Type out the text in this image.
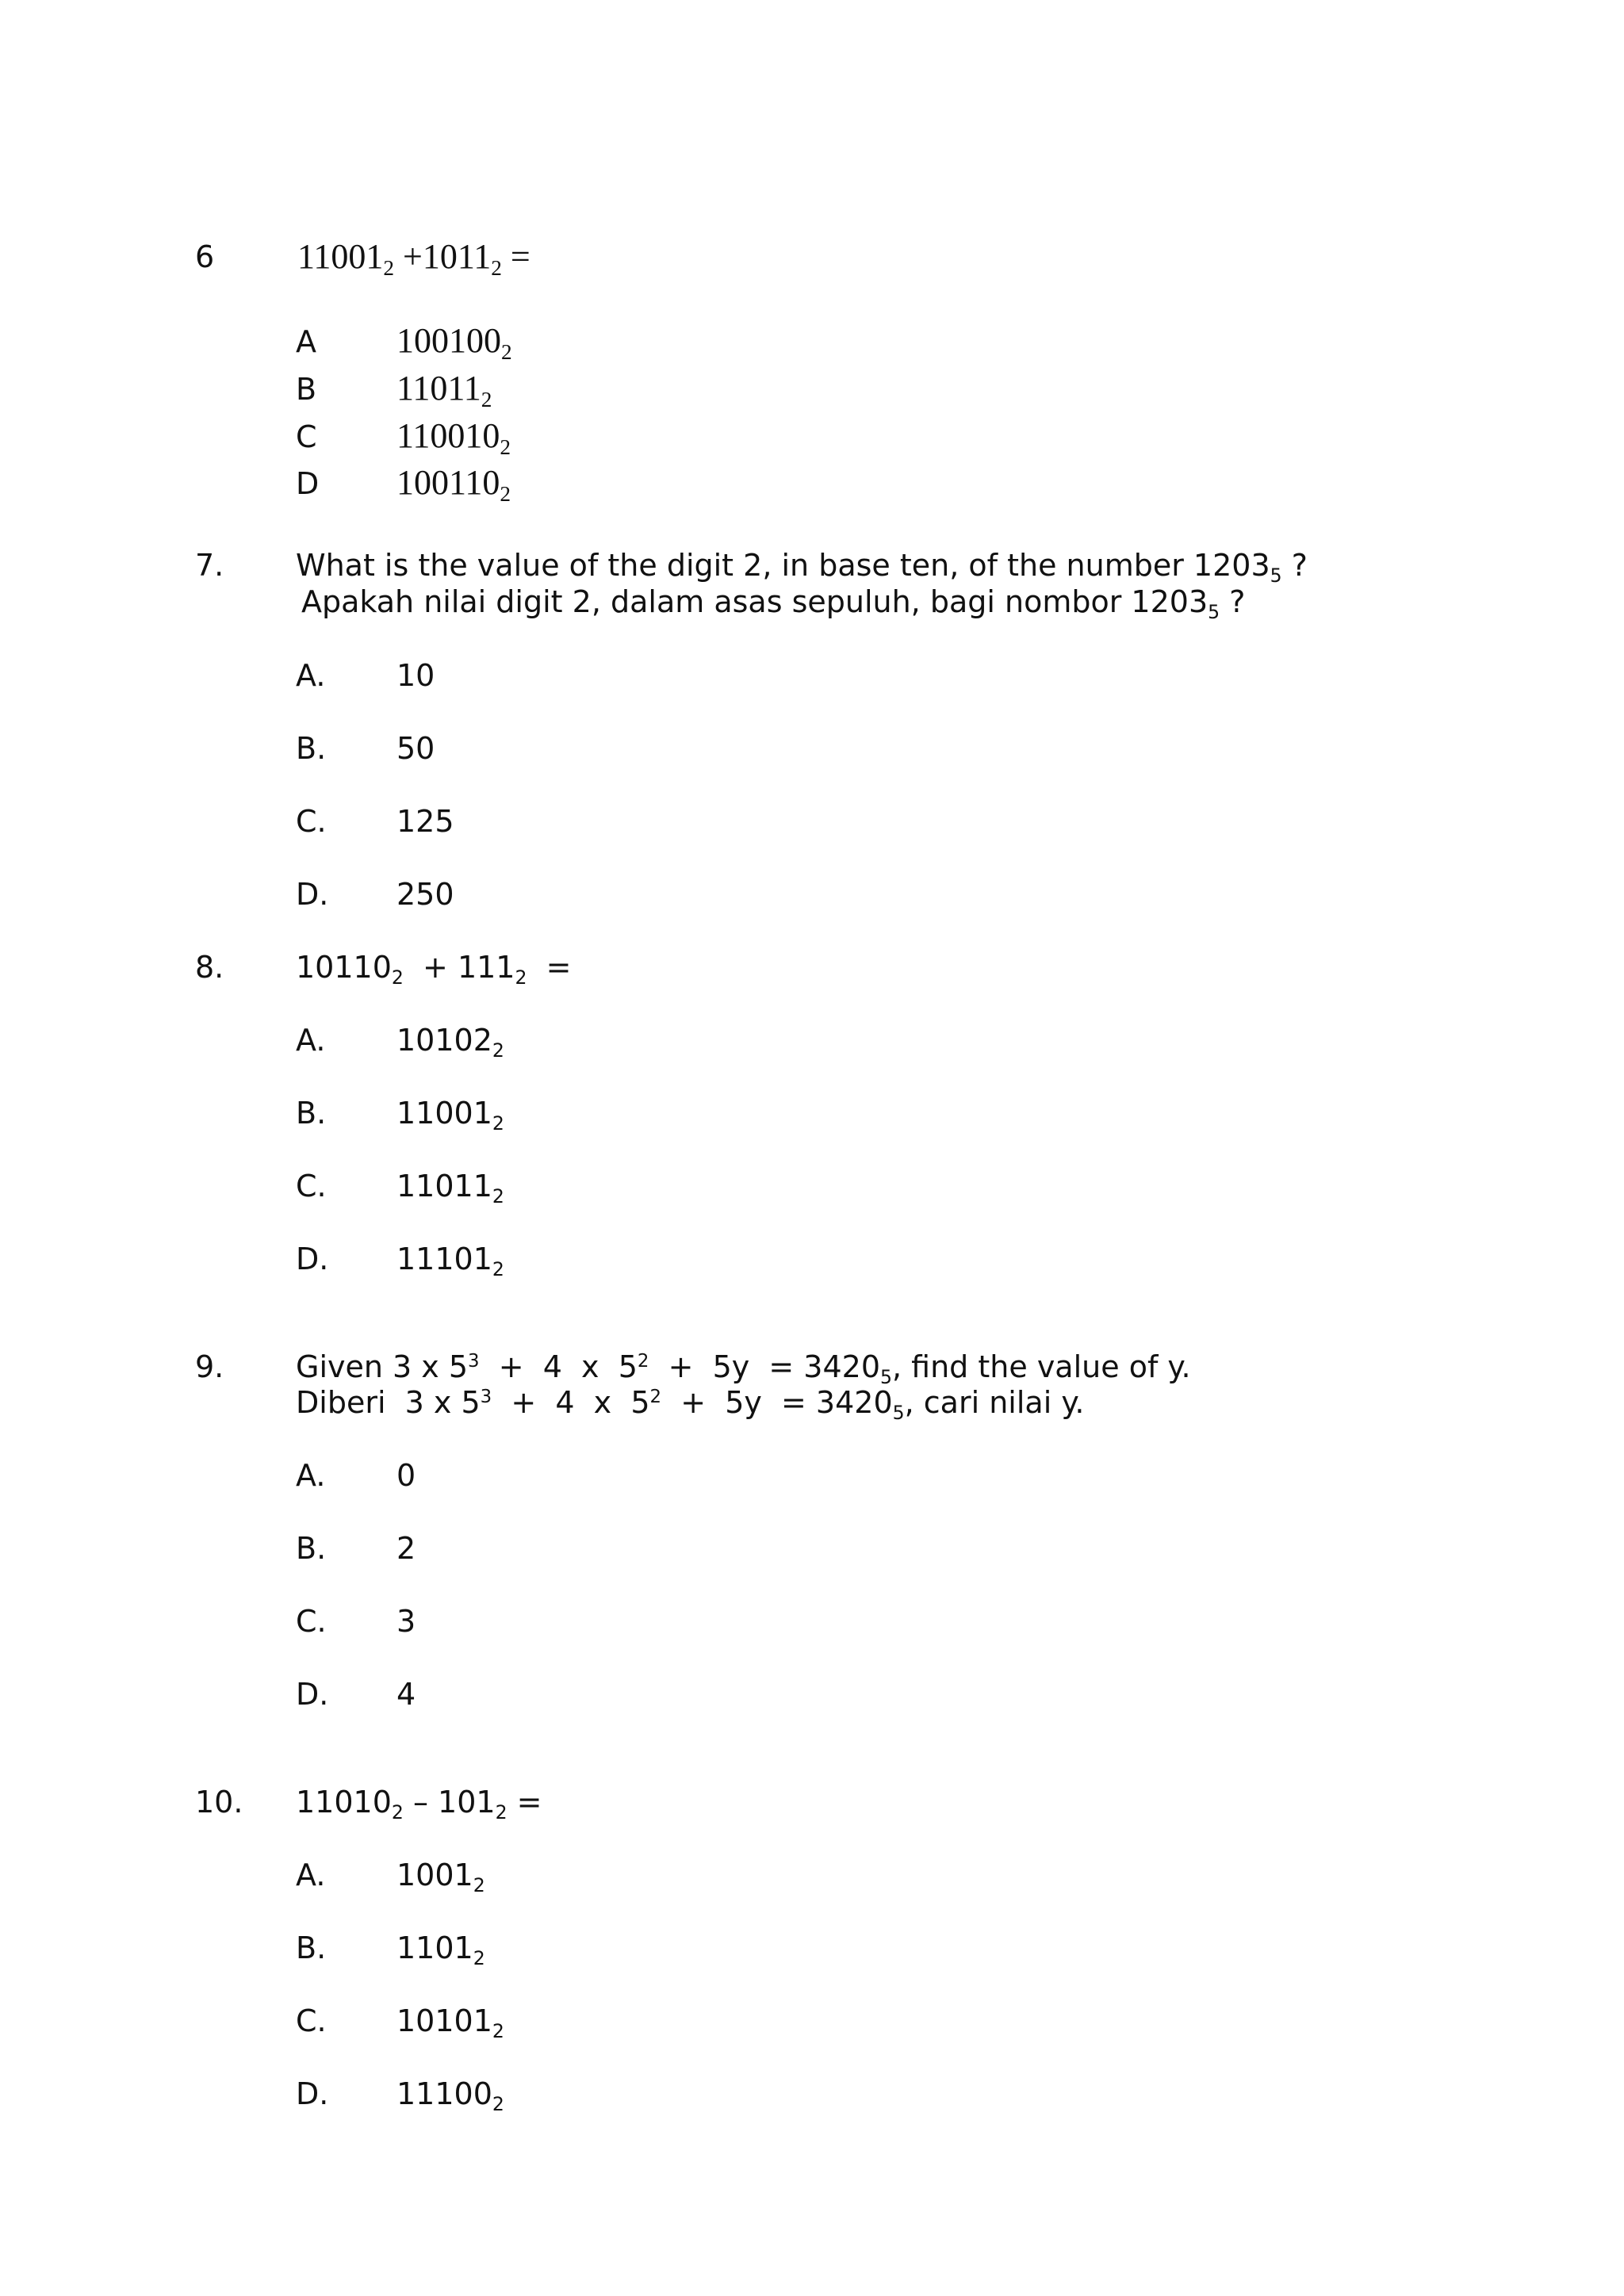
6 $11001_2 +1011_2$ =
A $100100_2$
B $11011_2$
C $110010_2$
D $100110_2$
7. What is the value of the digit 2, in base ten, of the number $1203_5$ ?
Apakah nilai digit 2, dalam asas sepuluh, bagi nombor $1203_5$ ?
A. 10
B. 50
C. 125
D. 250
8. $10110_2 + 111_2$  =
A. $10102_2$
B. $11001_2$
C. $11011_2$
D. $11101_2$
9. Given 3 x $5^3 + 4$  x  $5^2 + 5y = 3420_5$, find the value of y.
Diberi  3 x $5^3 + 4$  x  $5^2 + 5y = 3420_5$, cari nilai y.
A. 0
B. 2
C. 3
D. 4
10. $11010_2 - 101_2$ =
A. $1001_2$
B. $1101_2$
C. $10101_2$
D. $11100_2$
